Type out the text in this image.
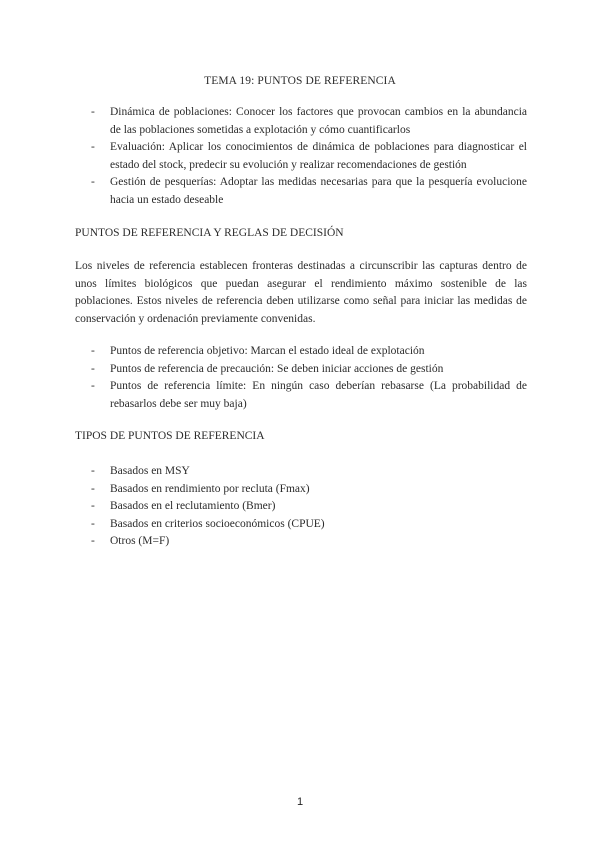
TEMA 19: PUNTOS DE REFERENCIA
- Dinámica de poblaciones: Conocer los factores que provocan cambios en la abundancia de las poblaciones sometidas a explotación y cómo cuantificarlos
- Evaluación: Aplicar los conocimientos de dinámica de poblaciones para diagnosticar el estado del stock, predecir su evolución y realizar recomendaciones de gestión
- Gestión de pesquerías: Adoptar las medidas necesarias para que la pesquería evolucione hacia un estado deseable
PUNTOS DE REFERENCIA Y REGLAS DE DECISIÓN
Los niveles de referencia establecen fronteras destinadas a circunscribir las capturas dentro de unos límites biológicos que puedan asegurar el rendimiento máximo sostenible de las poblaciones. Estos niveles de referencia deben utilizarse como señal para iniciar las medidas de conservación y ordenación previamente convenidas.
- Puntos de referencia objetivo: Marcan el estado ideal de explotación
- Puntos de referencia de precaución: Se deben iniciar acciones de gestión
- Puntos de referencia límite: En ningún caso deberían rebasarse (La probabilidad de rebasarlos debe ser muy baja)
TIPOS DE PUNTOS DE REFERENCIA
- Basados en MSY
- Basados en rendimiento por recluta (Fmax)
- Basados en el reclutamiento (Bmer)
- Basados en criterios socioeconómicos (CPUE)
- Otros (M=F)
1
